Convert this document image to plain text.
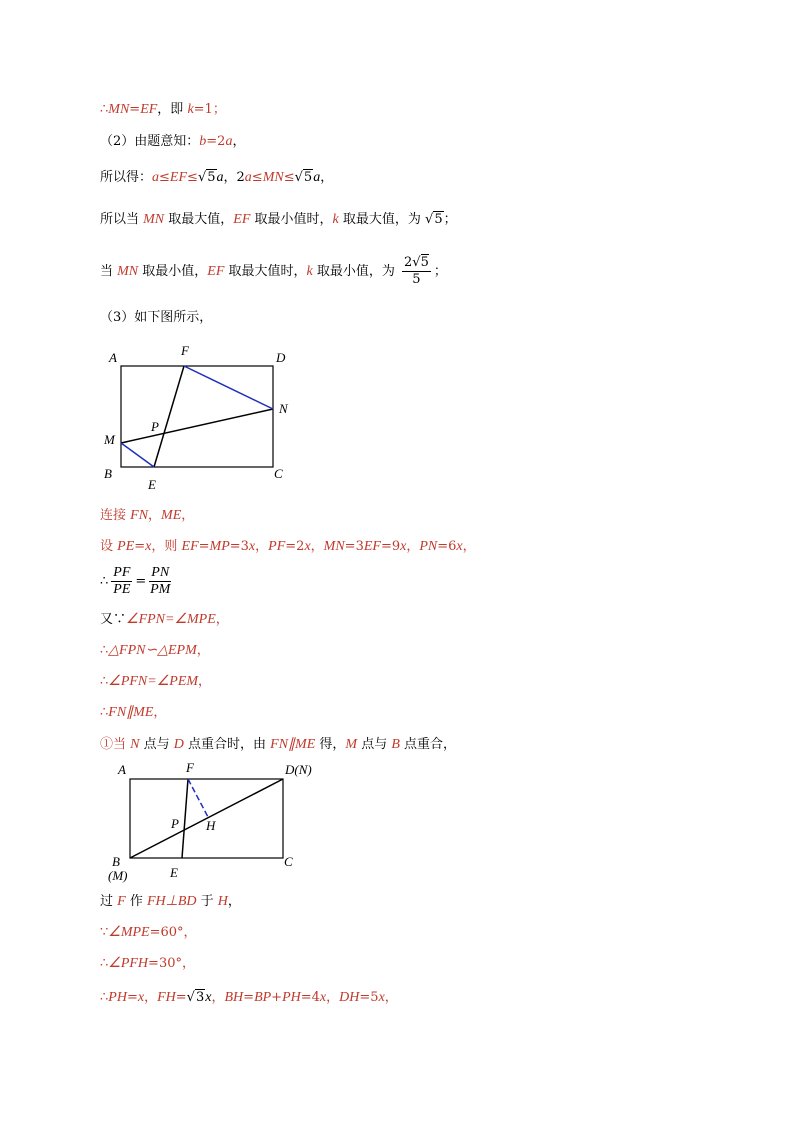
∴MN=EF，即 k=1；
（2）由题意知：b=2a，
所以得：a≤EF≤√5a，2a≤MN≤√5a，
所以当 MN 取最大值，EF 取最小值时，k 取最大值，为 √5；
当 MN 取最小值，EF 取最大值时，k 取最小值，为 $\frac{2√5}{5}$ ；
（3）如下图所示，
A	F	D
N
P
M
B
E
C
连接 FN，ME，
设 PE=x，则 EF=MP=3x，PF=2x，MN=3EF=9x，PN=6x，
∴ $\frac{PF}{PE} = \frac{PN}{PM}$
又∵∠FPN=∠MPE，
∴△FPN∽△EPM，
∴∠PFN=∠PEM，
∴FN∥ME，
①当 N 点与 D 点重合时，由 FN∥ME 得，M 点与 B 点重合，
A	F	D(N)
P H
B
(M)	E
C
过 F 作 FH⊥BD 于 H，
∵∠MPE=60°，
∴∠PFH=30°，
∴PH=x，FH=√3x，BH=BP+PH=4x，DH=5x，
